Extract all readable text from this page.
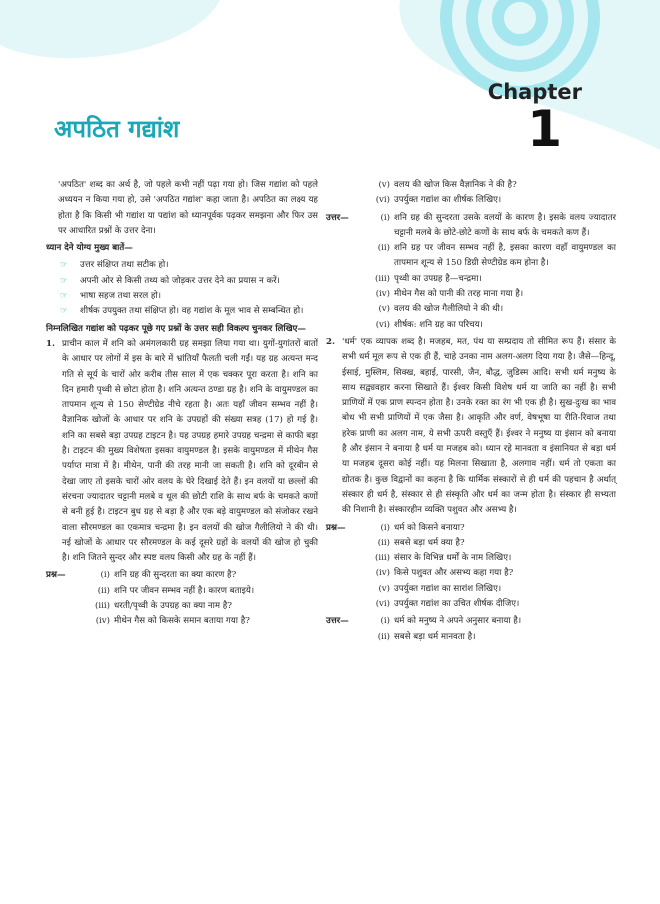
Chapter
1
अपठित गद्यांश

'अपठित' शब्द का अर्थ है, जो पहले कभी नहीं पढ़ा गया हो। जिस गद्यांश को पहले अध्ययन न किया गया हो, उसे 'अपठित गद्यांश' कहा जाता है। अपठित का लक्ष्य यह होता है कि किसी भी गद्यांश या पद्यांश को ध्यानपूर्वक पढ़कर समझना और फिर उस पर आधारित प्रश्नों के उत्तर देना।

ध्यान देने योग्य मुख्य बातें—

☞	उत्तर संक्षिप्त तथा सटीक हो।
☞	अपनी ओर से किसी तथ्य को जोड़कर उत्तर देने का प्रयास न करें।
☞	भाषा सहज तथा सरल हो।
☞	शीर्षक उपयुक्त तथा संक्षिप्त हो। वह गद्यांश के मूल भाव से सम्बन्धित हो।

निम्नलिखित गद्यांश को पढ़कर पूछे गए प्रश्नों के उत्तर सही विकल्प चुनकर लिखिए—

1. प्राचीन काल में शनि को अमंगलकारी ग्रह समझा लिया गया था। युगों-युगांतरों बातों के आधार पर लोगों में इस के बारे में भ्रांतियाँ फैलती चली गईं। यह ग्रह अत्यन्त मन्द गति से सूर्य के चारों ओर करीब तीस साल में एक चक्कर पूरा करता है। शनि का दिन हमारी पृथ्वी से छोटा होता है। शनि अत्यन्त ठण्डा ग्रह है। शनि के वायुमण्डल का तापमान शून्य से 150 सेण्टीग्रेड नीचे रहता है। अतः यहाँ जीवन सम्भव नहीं है। वैज्ञानिक खोजों के आधार पर शनि के उपग्रहों की संख्या सत्रह (17) हो गई है। शनि का सबसे बड़ा उपग्रह टाइटन है। यह उपग्रह हमारे उपग्रह चन्द्रमा से काफी बड़ा है। टाइटन की मुख्य विशेषता इसका वायुमण्डल है। इसके वायुमण्डल में मीथेन गैस पर्याप्त मात्रा में है। मीथेन, पानी की तरह मानी जा सकती है। शनि को दूरबीन से देखा जाए तो इसके चारों ओर वलय के घेरे दिखाई देते हैं। इन वलयों या छल्लों की संरचना ज्यादातर चट्टानी मलबे व धूल की छोटी राशि के साथ बर्फ के चमकते कणों से बनी हुई है। टाइटन बुध ग्रह से बड़ा है और एक बड़े वायुमण्डल को संजोकर रखने वाला सौरमण्डल का एकमात्र चन्द्रमा है। इन वलयों की खोज गैलीलियो ने की थी। नई खोजों के आधार पर सौरमण्डल के कई दूसरे ग्रहों के वलयों की खोज हो चुकी है। शनि जितने सुन्दर और स्पष्ट वलय किसी और ग्रह के नहीं हैं।

प्रश्न—	(i) शनि ग्रह की सुन्दरता का क्या कारण है?
(ii) शनि पर जीवन सम्भव नहीं है। कारण बताइये।
(iii) धरती/पृथ्वी के उपग्रह का क्या नाम है?
(iv) मीथेन गैस को किसके समान बताया गया है?
(v) वलय की खोज किस वैज्ञानिक ने की है?
(vi) उपर्युक्त गद्यांश का शीर्षक लिखिए।
उत्तर—	(i) शनि ग्रह की सुन्दरता उसके वलयों के कारण है। इसके वलय ज्यादातर चट्टानी मलबे के छोटे-छोटे कणों के साथ बर्फ के चमकते कण हैं।
(ii) शनि ग्रह पर जीवन सम्भव नहीं है, इसका कारण वहाँ वायुमण्डल का तापमान शून्य से 150 डिग्री सेण्टीग्रेड कम होना है।
(iii) पृथ्वी का उपग्रह है—चन्द्रमा।
(iv) मीथेन गैस को पानी की तरह माना गया है।
(v) वलय की खोज गैलीलियो ने की थी।
(vi) शीर्षक: शनि ग्रह का परिचय।
2. 'धर्म' एक व्यापक शब्द है। मजहब, मत, पंथ या सम्प्रदाय तो सीमित रूप हैं। संसार के सभी धर्म मूल रूप से एक ही हैं, चाहे उनका नाम अलग-अलग दिया गया है। जैसे—हिन्दू, ईसाई, मुस्लिम, सिक्ख, बहाई, पारसी, जैन, बौद्ध, जुडिस्म आदि। सभी धर्म मनुष्य के साथ सद्व्यवहार करना सिखाते हैं। ईश्वर किसी विशेष धर्म या जाति का नहीं है। सभी प्राणियों में एक प्राण स्पन्दन होता है। उनके रक्त का रंग भी एक ही है। सुख-दुःख का भाव बोध भी सभी प्राणियों में एक जैसा है। आकृति और वर्ण, वेषभूषा या रीति-रिवाज तथा हरेक प्राणी का अलग नाम, ये सभी ऊपरी वस्तुएँ हैं। ईश्वर ने मनुष्य या इंसान को बनाया है और इंसान ने बनाया है धर्म या मजहब को। ध्यान रहे मानवता व इंसानियत से बड़ा धर्म या मजहब दूसरा कोई नहीं। यह मिलना सिखाता है, अलगाव नहीं। धर्म तो एकता का द्योतक है। कुछ विद्वानों का कहना है कि धार्मिक संस्कारों से ही धर्म की पहचान है अर्थात् संस्कार ही धर्म है, संस्कार से ही संस्कृति और धर्म का जन्म होता है। संस्कार ही सभ्यता की निशानी है। संस्कारहीन व्यक्ति पशुवत और असभ्य है।

प्रश्न—	(i) धर्म को किसने बनाया?
(ii) सबसे बड़ा धर्म क्या है?
(iii) संसार के विभिन्न धर्मों के नाम लिखिए।
(iv) किसे पशुवत और असभ्य कहा गया है?
(v) उपर्युक्त गद्यांश का सारांश लिखिए।
(vi) उपर्युक्त गद्यांश का उचित शीर्षक दीजिए।
उत्तर—	(i) धर्म को मनुष्य ने अपने अनुसार बनाया है।
(ii) सबसे बड़ा धर्म मानवता है।
